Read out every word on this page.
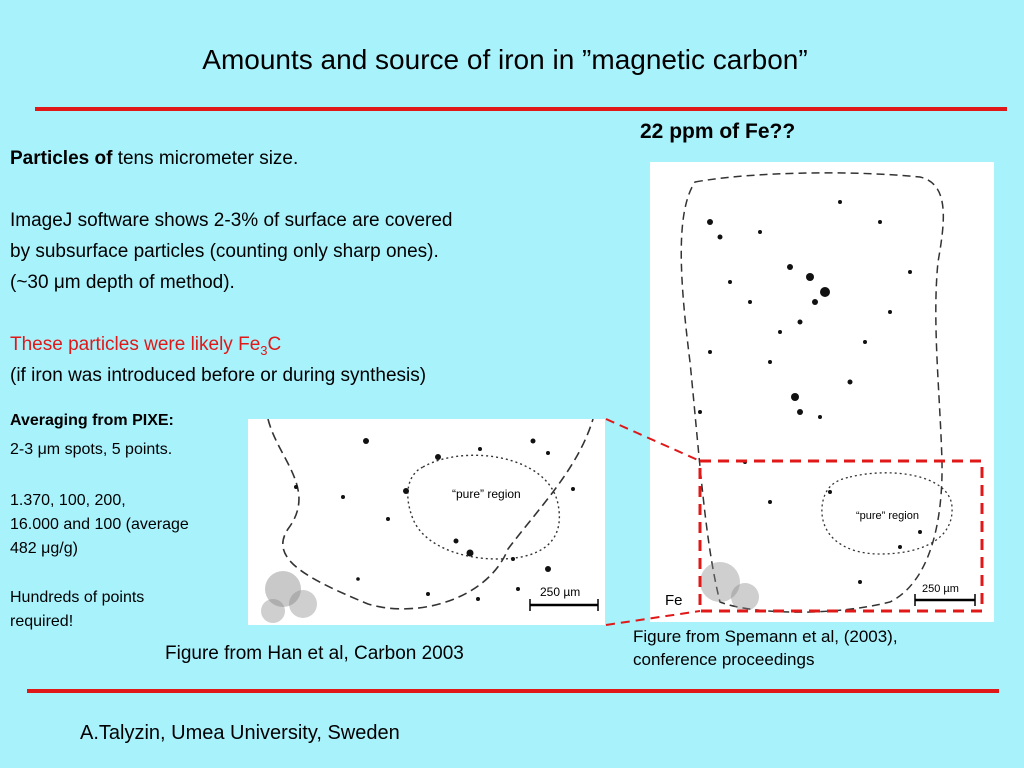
Amounts and source of iron in ”magnetic carbon”
22 ppm of Fe??
Particles of tens micrometer size.
ImageJ software shows 2-3% of surface are covered
by subsurface particles (counting only sharp ones).
(~30 μm depth of method).
These particles were likely $Fe_3C$
(if iron was introduced before or during synthesis)
Averaging from PIXE:
2-3 μm spots, 5 points.
1.370, 100, 200,
16.000 and 100 (average
482 μg/g)
Hundreds of points
required!
“pure” region
250 µm
“pure” region
Fe
250 µm
Figure from Han et al, Carbon 2003
Figure from Spemann et al, (2003),
conference proceedings
A.Talyzin, Umea University, Sweden
